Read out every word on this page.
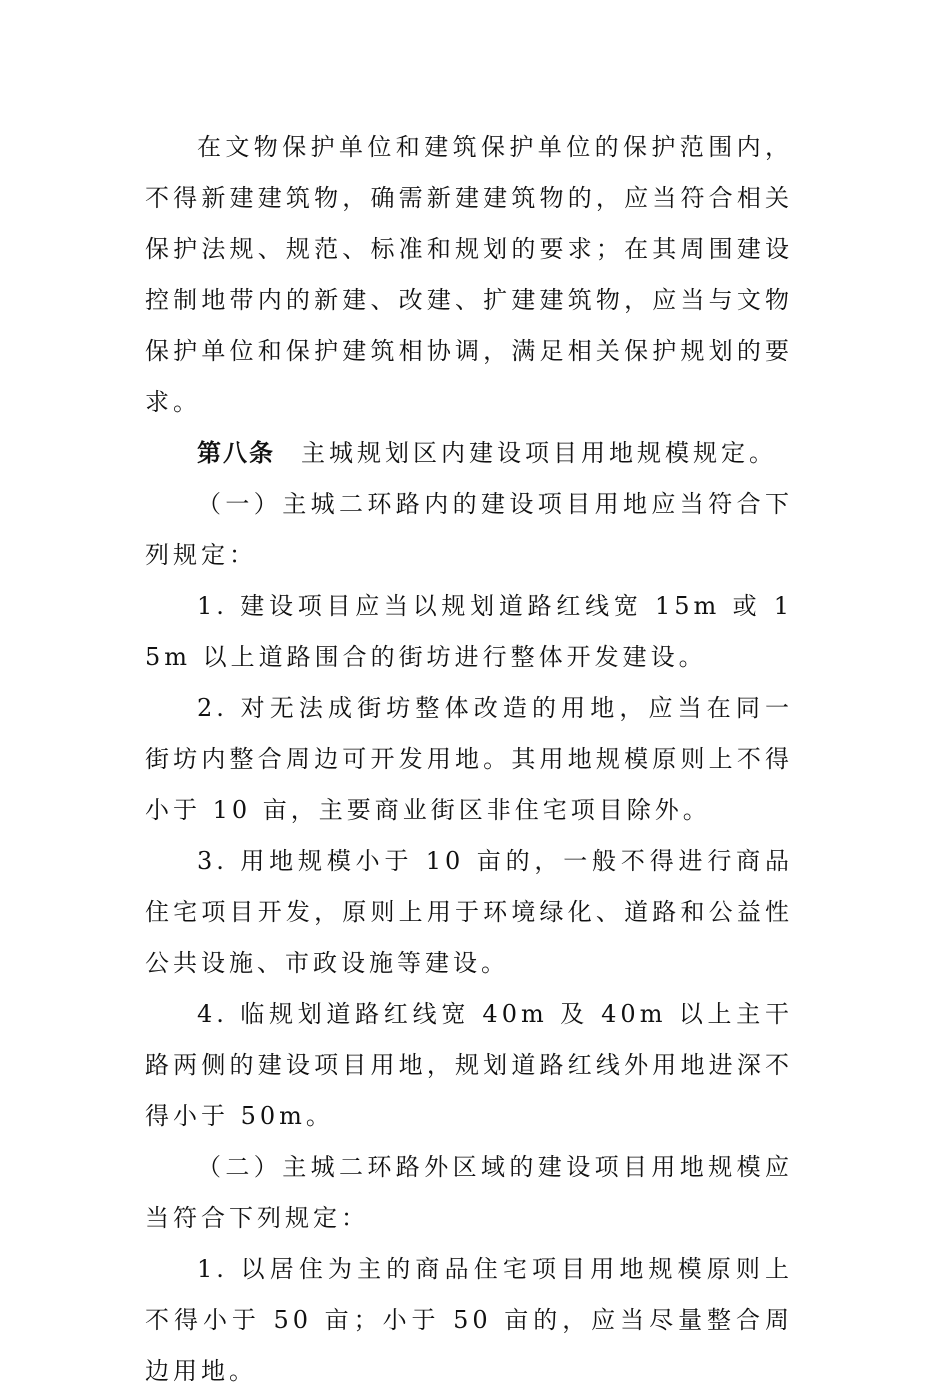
在文物保护单位和建筑保护单位的保护范围内，不得新建建筑物，确需新建建筑物的，应当符合相关保护法规、规范、标准和规划的要求；在其周围建设控制地带内的新建、改建、扩建建筑物，应当与文物保护单位和保护建筑相协调，满足相关保护规划的要求。

第八条 主城规划区内建设项目用地规模规定。

（一）主城二环路内的建设项目用地应当符合下列规定：

1. 建设项目应当以规划道路红线宽 15m 或 15m 以上道路围合的街坊进行整体开发建设。

2. 对无法成街坊整体改造的用地，应当在同一街坊内整合周边可开发用地。其用地规模原则上不得小于 10 亩，主要商业街区非住宅项目除外。

3. 用地规模小于 10 亩的，一般不得进行商品住宅项目开发，原则上用于环境绿化、道路和公益性公共设施、市政设施等建设。

4. 临规划道路红线宽 40m 及 40m 以上主干路两侧的建设项目用地，规划道路红线外用地进深不得小于 50m。

（二）主城二环路外区域的建设项目用地规模应当符合下列规定：

1. 以居住为主的商品住宅项目用地规模原则上不得小于 50 亩；小于 50 亩的，应当尽量整合周边用地。
